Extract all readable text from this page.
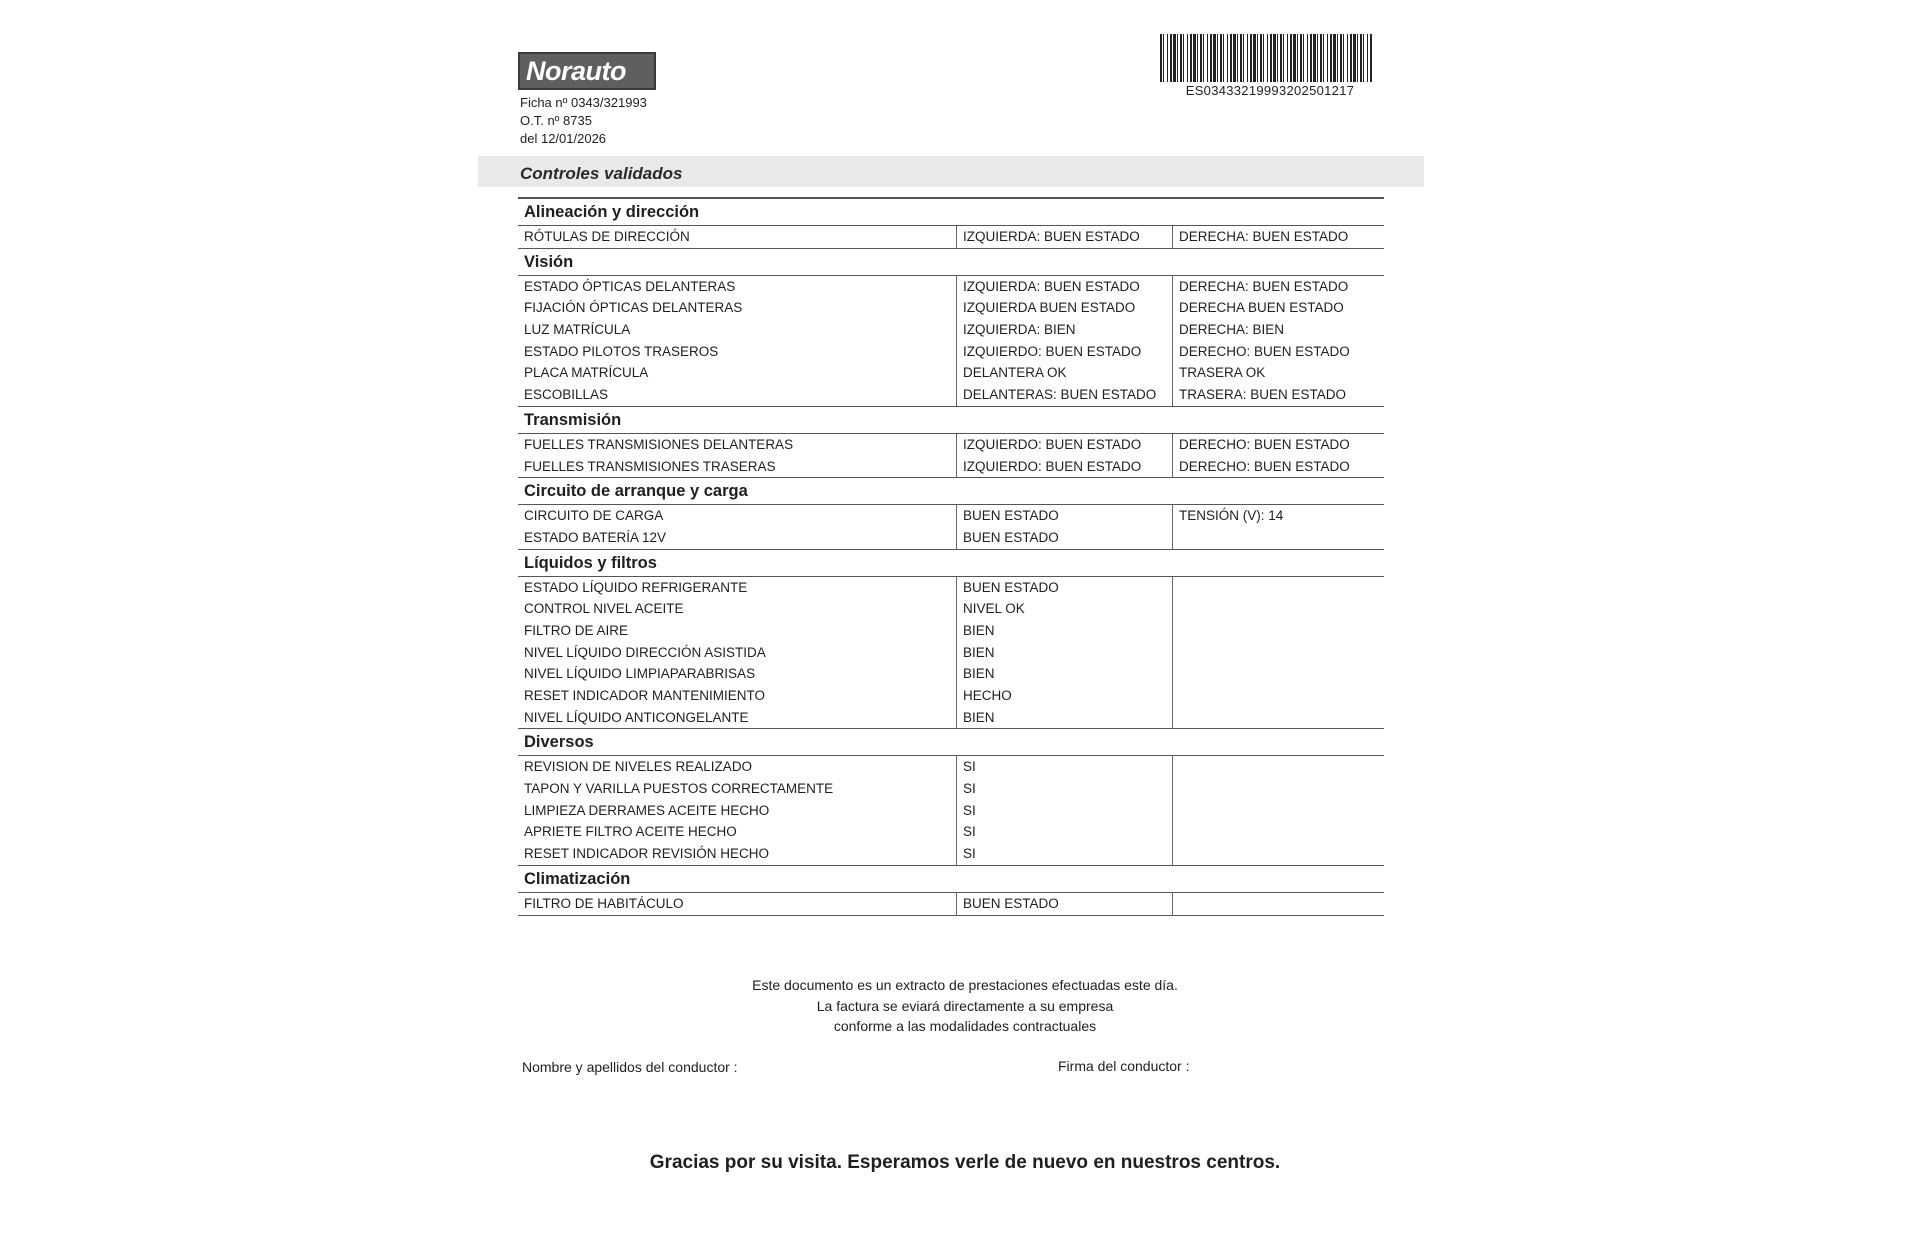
Norauto
Ficha nº 0343/321993
O.T. nº 8735
del 12/01/2026
ES03433219993202501217
Controles validados
Alineación y dirección
RÓTULAS DE DIRECCIÓN	IZQUIERDA: BUEN ESTADO	DERECHA: BUEN ESTADO
Visión
ESTADO ÓPTICAS DELANTERAS	IZQUIERDA: BUEN ESTADO	DERECHA: BUEN ESTADO
FIJACIÓN ÓPTICAS DELANTERAS	IZQUIERDA BUEN ESTADO	DERECHA BUEN ESTADO
LUZ MATRÍCULA	IZQUIERDA: BIEN	DERECHA: BIEN
ESTADO PILOTOS TRASEROS	IZQUIERDO: BUEN ESTADO	DERECHO: BUEN ESTADO
PLACA MATRÍCULA	DELANTERA OK	TRASERA OK
ESCOBILLAS	DELANTERAS: BUEN ESTADO	TRASERA: BUEN ESTADO
Transmisión
FUELLES TRANSMISIONES DELANTERAS	IZQUIERDO: BUEN ESTADO	DERECHO: BUEN ESTADO
FUELLES TRANSMISIONES TRASERAS	IZQUIERDO: BUEN ESTADO	DERECHO: BUEN ESTADO
Circuito de arranque y carga
CIRCUITO DE CARGA	BUEN ESTADO	TENSIÓN (V): 14
ESTADO BATERÍA 12V	BUEN ESTADO
Líquidos y filtros
ESTADO LÍQUIDO REFRIGERANTE	BUEN ESTADO
CONTROL NIVEL ACEITE	NIVEL OK
FILTRO DE AIRE	BIEN
NIVEL LÍQUIDO DIRECCIÓN ASISTIDA	BIEN
NIVEL LÍQUIDO LIMPIAPARABRISAS	BIEN
RESET INDICADOR MANTENIMIENTO	HECHO
NIVEL LÍQUIDO ANTICONGELANTE	BIEN
Diversos
REVISION DE NIVELES REALIZADO	SI
TAPON Y VARILLA PUESTOS CORRECTAMENTE	SI
LIMPIEZA DERRAMES ACEITE HECHO	SI
APRIETE FILTRO ACEITE HECHO	SI
RESET INDICADOR REVISIÓN HECHO	SI
Climatización
FILTRO DE HABITÁCULO	BUEN ESTADO
Este documento es un extracto de prestaciones efectuadas este día.
La factura se eviará directamente a su empresa
conforme a las modalidades contractuales
Nombre y apellidos del conductor :	Firma del conductor :
Gracias por su visita. Esperamos verle de nuevo en nuestros centros.
